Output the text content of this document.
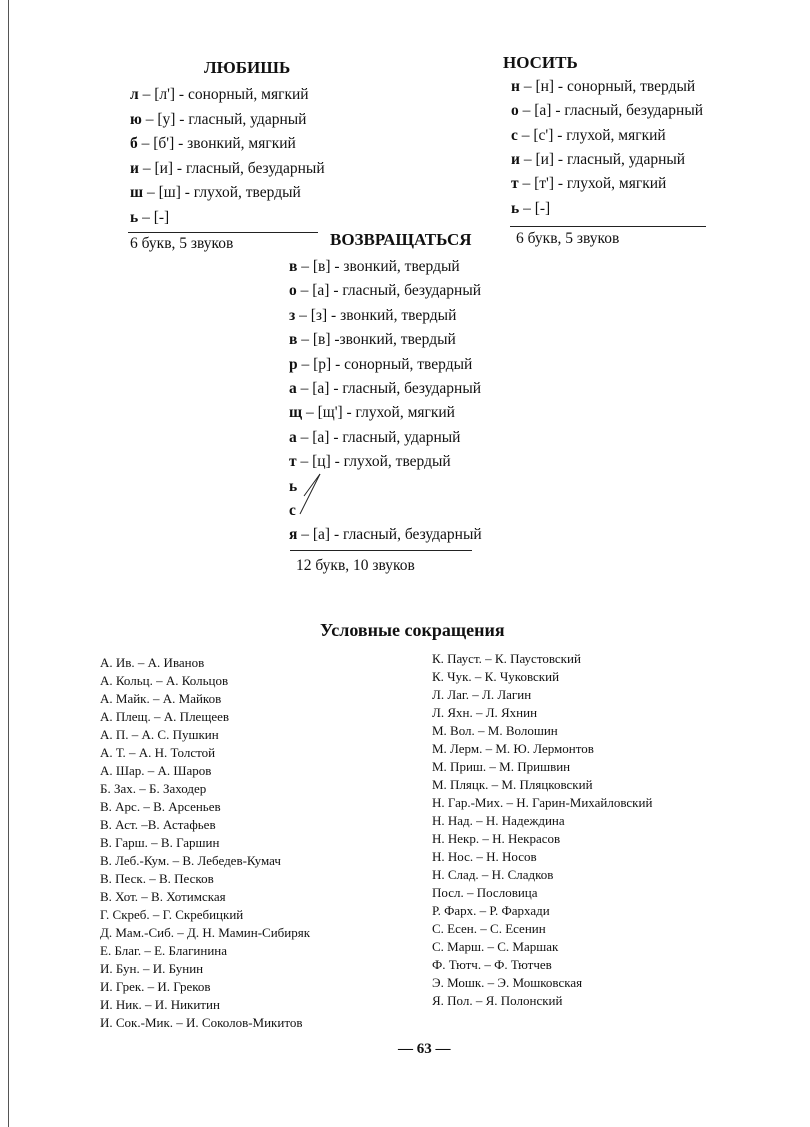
ЛЮБИШЬ
л – [л'] - сонорный, мягкий
ю – [у] - гласный, ударный
б – [б'] - звонкий, мягкий
и – [и] - гласный, безударный
ш – [ш] - глухой, твердый
ь – [-]
6 букв, 5 звуков
НОСИТЬ
н – [н] - сонорный, твердый
о – [а] - гласный, безударный
с – [с'] - глухой, мягкий
и – [и] - гласный, ударный
т – [т'] - глухой, мягкий
ь – [-]
6 букв, 5 звуков
ВОЗВРАЩАТЬСЯ
в – [в] - звонкий, твердый
о – [а] - гласный, безударный
з – [з] - звонкий, твердый
в – [в] -звонкий, твердый
р – [р] - сонорный, твердый
а – [а] - гласный, безударный
щ – [щ'] - глухой, мягкий
а – [а] - гласный, ударный
т – [ц] - глухой, твердый
ь
с
я – [а] - гласный, безударный
12 букв, 10 звуков
Условные сокращения
А. Ив. – А. Иванов
А. Кольц. – А. Кольцов
А. Майк. – А. Майков
А. Плещ. – А. Плещеев
А. П. – А. С. Пушкин
А. Т. – А. Н. Толстой
А. Шар. – А. Шаров
Б. Зах. – Б. Заходер
В. Арс. – В. Арсеньев
В. Аст. –В. Астафьев
В. Гарш. – В. Гаршин
В. Леб.-Кум. – В. Лебедев-Кумач
В. Песк. – В. Песков
В. Хот. – В. Хотимская
Г. Скреб. – Г. Скребицкий
Д. Мам.-Сиб. – Д. Н. Мамин-Сибиряк
Е. Благ. – Е. Благинина
И. Бун. – И. Бунин
И. Грек. – И. Греков
И. Ник. – И. Никитин
И. Сок.-Мик. – И. Соколов-Микитов
К. Пауст. – К. Паустовский
К. Чук. – К. Чуковский
Л. Лаг. – Л. Лагин
Л. Яхн. – Л. Яхнин
М. Вол. – М. Волошин
М. Лерм. – М. Ю. Лермонтов
М. Приш. – М. Пришвин
М. Пляцк. – М. Пляцковский
Н. Гар.-Мих. – Н. Гарин-Михайловский
Н. Над. – Н. Надеждина
Н. Некр. – Н. Некрасов
Н. Нос. – Н. Носов
Н. Слад. – Н. Сладков
Посл. – Пословица
Р. Фарх. – Р. Фархади
С. Есен. – С. Есенин
С. Марш. – С. Маршак
Ф. Тютч. – Ф. Тютчев
Э. Мошк. – Э. Мошковская
Я. Пол. – Я. Полонский
— 63 —
